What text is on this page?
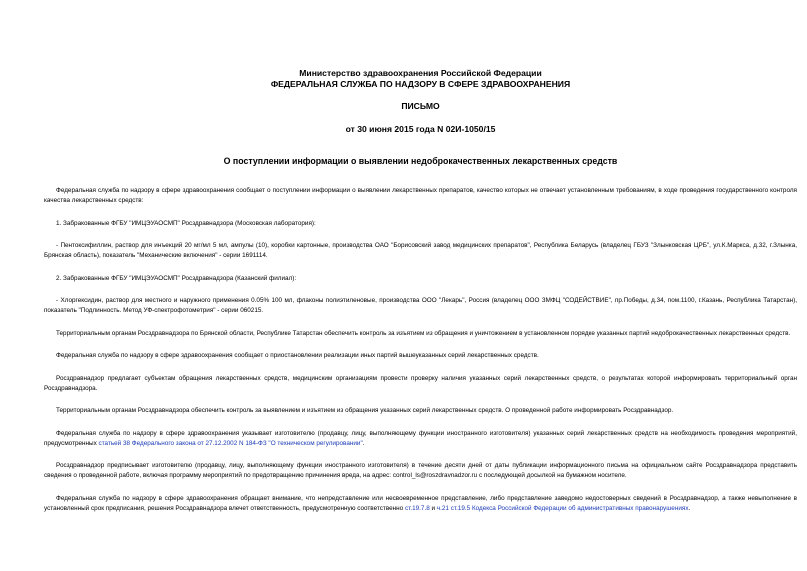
Министерство здравоохранения Российской Федерации
ФЕДЕРАЛЬНАЯ СЛУЖБА ПО НАДЗОРУ В СФЕРЕ ЗДРАВООХРАНЕНИЯ
ПИСЬМО
от 30 июня 2015 года N 02И-1050/15
О поступлении информации о выявлении недоброкачественных лекарственных средств

Федеральная служба по надзору в сфере здравоохранения сообщает о поступлении информации о выявлении лекарственных препаратов, качество которых не отвечает установленным требованиям, в ходе проведения государственного контроля качества лекарственных средств:

1. Забракованные ФГБУ "ИМЦЭУАОСМП" Росздравнадзора (Московская лаборатория):

- Пентоксифиллин, раствор для инъекций 20 мг/мл 5 мл, ампулы (10), коробки картонные, производства ОАО "Борисовский завод медицинских препаратов", Республика Беларусь (владелец ГБУЗ "Злынковская ЦРБ", ул.К.Маркса, д.32, г.Злынка, Брянская область), показатель "Механические включения" - серии 1691114.

2. Забракованные ФГБУ "ИМЦЭУАОСМП" Росздравнадзора (Казанский филиал):

- Хлоргексидин, раствор для местного и наружного применения 0.05% 100 мл, флаконы полиэтиленовые, производства ООО "Лекарь", Россия (владелец ООО ЗМФЦ "СОДЕЙСТВИЕ", пр.Победы, д.34, пом.1100, г.Казань, Республика Татарстан), показатель "Подлинность. Метод УФ-спектрофотометрия" - серии 060215.

Территориальным органам Росздравнадзора по Брянской области, Республике Татарстан обеспечить контроль за изъятием из обращения и уничтожением в установленном порядке указанных партий недоброкачественных лекарственных средств.

Федеральная служба по надзору в сфере здравоохранения сообщает о приостановлении реализации иных партий вышеуказанных серий лекарственных средств.

Росздравнадзор предлагает субъектам обращения лекарственных средств, медицинским организациям провести проверку наличия указанных серий лекарственных средств, о результатах которой информировать территориальный орган Росздравнадзора.

Территориальным органам Росздравнадзора обеспечить контроль за выявлением и изъятием из обращения указанных серий лекарственных средств. О проведенной работе информировать Росздравнадзор.

Федеральная служба по надзору в сфере здравоохранения указывает изготовителю (продавцу, лицу, выполняющему функции иностранного изготовителя) указанных серий лекарственных средств на необходимость проведения мероприятий, предусмотренных статьей 38 Федерального закона от 27.12.2002 N 184-ФЗ "О техническом регулировании".

Росздравнадзор предписывает изготовителю (продавцу, лицу, выполняющему функции иностранного изготовителя) в течение десяти дней от даты публикации информационного письма на официальном сайте Росздравнадзора представить сведения о проведенной работе, включая программу мероприятий по предотвращению причинения вреда, на адрес: control_ls@roszdravnadzor.ru с последующей досылкой на бумажном носителе.

Федеральная служба по надзору в сфере здравоохранения обращает внимание, что непредставление или несвоевременное представление, либо представление заведомо недостоверных сведений в Росздравнадзор, а также невыполнение в установленный срок предписания, решения Росздравнадзора влечет ответственность, предусмотренную соответственно ст.19.7.8 и ч.21 ст.19.5 Кодекса Российской Федерации об административных правонарушениях.
